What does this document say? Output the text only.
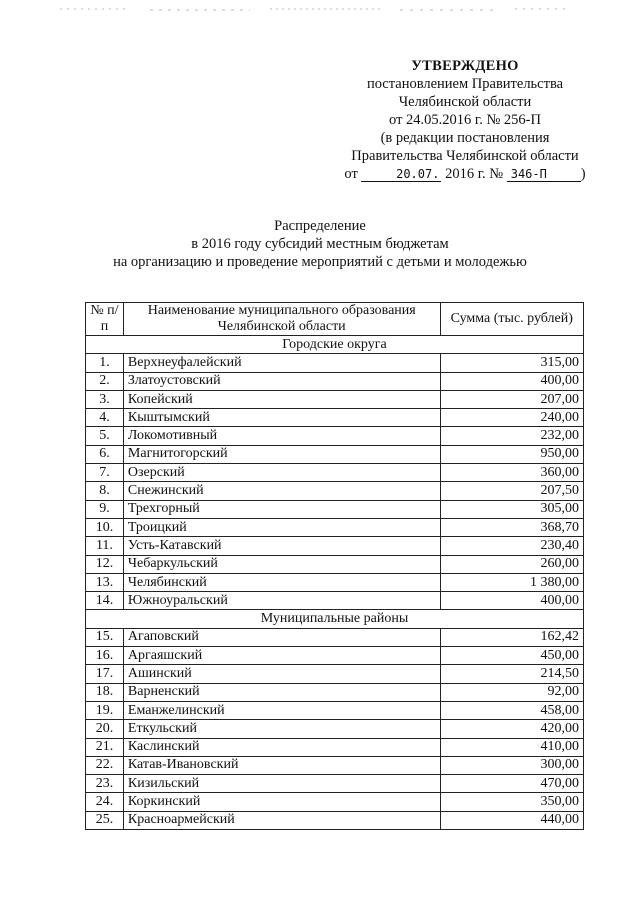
УТВЕРЖДЕНО
постановлением Правительства
Челябинской области
от 24.05.2016 г. № 256-П
(в редакции постановления
Правительства Челябинской области
от	20.07. 2016 г. № 346-П )
Распределение
в 2016 году субсидий местным бюджетам
на организацию и проведение мероприятий с детьми и молодежью
№ п/п	Наименование муниципального образования Челябинской области	Сумма (тыс. рублей)
Городские округа		
1.	Верхнеуфалейский	315,00
2.	Златоустовский	400,00
3.	Копейский	207,00
4.	Кыштымский	240,00
5.	Локомотивный	232,00
6.	Магнитогорский	950,00
7.	Озерский	360,00
8.	Снежинский	207,50
9.	Трехгорный	305,00
10.	Троицкий	368,70
11.	Усть-Катавский	230,40
12.	Чебаркульский	260,00
13.	Челябинский	1 380,00
14.	Южноуральский	400,00
Муниципальные районы		
15.	Агаповский	162,42
16.	Аргаяшский	450,00
17.	Ашинский	214,50
18.	Варненский	92,00
19.	Еманжелинский	458,00
20.	Еткульский	420,00
21.	Каслинский	410,00
22.	Катав-Ивановский	300,00
23.	Кизильский	470,00
24.	Коркинский	350,00
25.	Красноармейский	440,00
